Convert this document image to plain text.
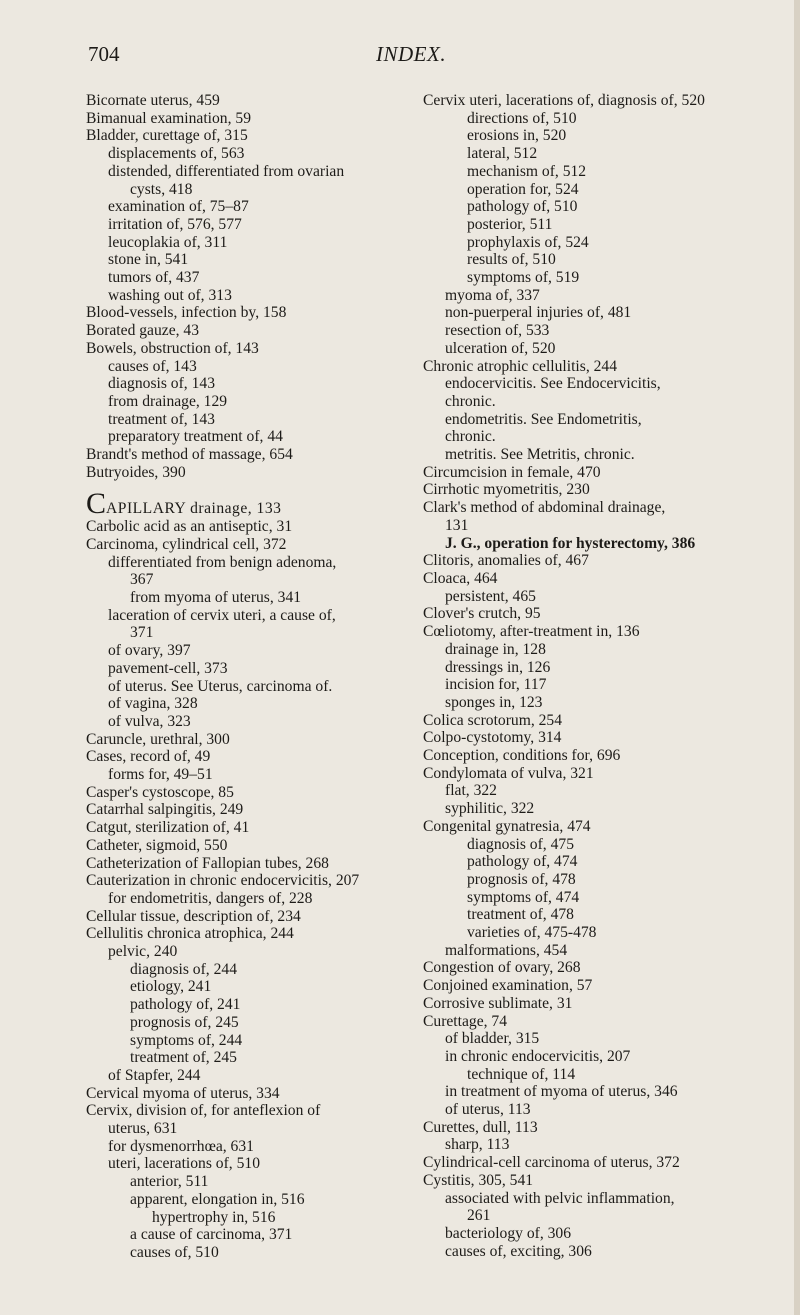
704	INDEX.
Bicornate uterus, 459
Bimanual examination, 59
Bladder, curettage of, 315
displacements of, 563
distended, differentiated from ovarian
cysts, 418
examination of, 75–87
irritation of, 576, 577
leucoplakia of, 311
stone in, 541
tumors of, 437
washing out of, 313
Blood-vessels, infection by, 158
Borated gauze, 43
Bowels, obstruction of, 143
causes of, 143
diagnosis of, 143
from drainage, 129
treatment of, 143
preparatory treatment of, 44
Brandt's method of massage, 654
Butryoides, 390
CAPILLARY drainage, 133
Carbolic acid as an antiseptic, 31
Carcinoma, cylindrical cell, 372
differentiated from benign adenoma,
367
from myoma of uterus, 341
laceration of cervix uteri, a cause of,
371
of ovary, 397
pavement-cell, 373
of uterus. See Uterus, carcinoma of.
of vagina, 328
of vulva, 323
Caruncle, urethral, 300
Cases, record of, 49
forms for, 49–51
Casper's cystoscope, 85
Catarrhal salpingitis, 249
Catgut, sterilization of, 41
Catheter, sigmoid, 550
Catheterization of Fallopian tubes, 268
Cauterization in chronic endocervicitis, 207
for endometritis, dangers of, 228
Cellular tissue, description of, 234
Cellulitis chronica atrophica, 244
pelvic, 240
diagnosis of, 244
etiology, 241
pathology of, 241
prognosis of, 245
symptoms of, 244
treatment of, 245
of Stapfer, 244
Cervical myoma of uterus, 334
Cervix, division of, for anteflexion of
uterus, 631
for dysmenorrhœa, 631
uteri, lacerations of, 510
anterior, 511
apparent, elongation in, 516
hypertrophy in, 516
a cause of carcinoma, 371
causes of, 510
Cervix uteri, lacerations of, diagnosis of, 520
directions of, 510
erosions in, 520
lateral, 512
mechanism of, 512
operation for, 524
pathology of, 510
posterior, 511
prophylaxis of, 524
results of, 510
symptoms of, 519
myoma of, 337
non-puerperal injuries of, 481
resection of, 533
ulceration of, 520
Chronic atrophic cellulitis, 244
endocervicitis. See Endocervicitis,
chronic.
endometritis. See Endometritis,
chronic.
metritis. See Metritis, chronic.
Circumcision in female, 470
Cirrhotic myometritis, 230
Clark's method of abdominal drainage,
131
J. G., operation for hysterectomy, 386
Clitoris, anomalies of, 467
Cloaca, 464
persistent, 465
Clover's crutch, 95
Cœliotomy, after-treatment in, 136
drainage in, 128
dressings in, 126
incision for, 117
sponges in, 123
Colica scrotorum, 254
Colpo-cystotomy, 314
Conception, conditions for, 696
Condylomata of vulva, 321
flat, 322
syphilitic, 322
Congenital gynatresia, 474
diagnosis of, 475
pathology of, 474
prognosis of, 478
symptoms of, 474
treatment of, 478
varieties of, 475-478
malformations, 454
Congestion of ovary, 268
Conjoined examination, 57
Corrosive sublimate, 31
Curettage, 74
of bladder, 315
in chronic endocervicitis, 207
technique of, 114
in treatment of myoma of uterus, 346
of uterus, 113
Curettes, dull, 113
sharp, 113
Cylindrical-cell carcinoma of uterus, 372
Cystitis, 305, 541
associated with pelvic inflammation,
261
bacteriology of, 306
causes of, exciting, 306
